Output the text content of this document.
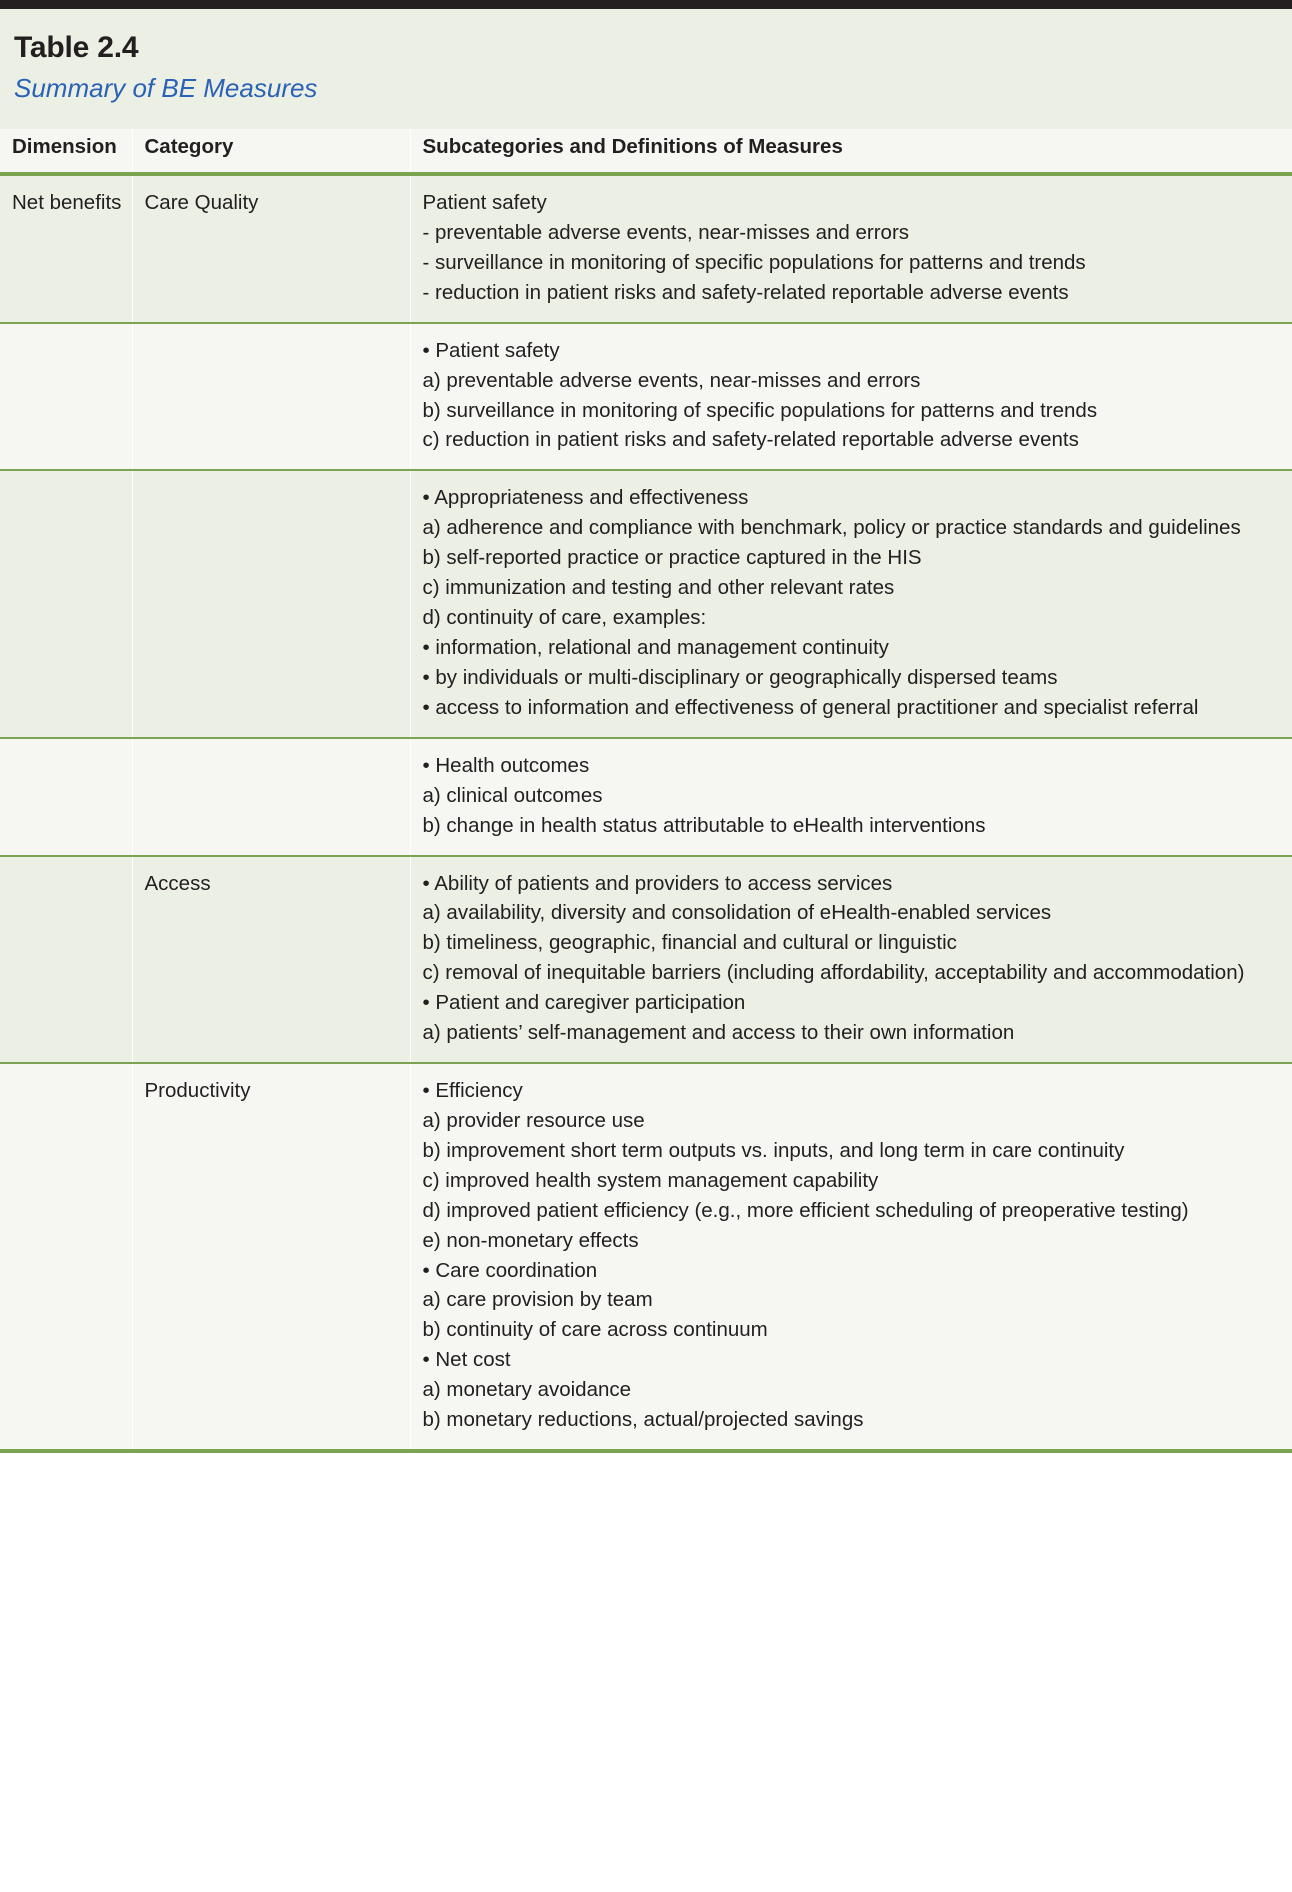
Table 2.4
Summary of BE Measures
Dimension	Category	Subcategories and Definitions of Measures
Net benefits	Care Quality	Patient safety

- preventable adverse events, near-misses and errors

- surveillance in monitoring of specific populations for patterns and trends

- reduction in patient risks and safety-related reportable adverse events

		• Patient safety

a) preventable adverse events, near-misses and errors

b) surveillance in monitoring of specific populations for patterns and trends

c) reduction in patient risks and safety-related reportable adverse events

• Appropriateness and effectiveness

a) adherence and compliance with benchmark, policy or practice standards and guidelines

b) self-reported practice or practice captured in the HIS

c) immunization and testing and other relevant rates

d) continuity of care, examples:

• information, relational and management continuity

• by individuals or multi-disciplinary or geographically dispersed teams

• access to information and effectiveness of general practitioner and specialist referral

		• Health outcomes

a) clinical outcomes

b) change in health status attributable to eHealth interventions

	Access	• Ability of patients and providers to access services

a) availability, diversity and consolidation of eHealth-enabled services

b) timeliness, geographic, financial and cultural or linguistic

c) removal of inequitable barriers (including affordability, acceptability and accommodation)

• Patient and caregiver participation

a) patients’ self-management and access to their own information

	Productivity	• Efficiency

a) provider resource use

b) improvement short term outputs vs. inputs, and long term in care continuity

c) improved health system management capability

d) improved patient efficiency (e.g., more efficient scheduling of preoperative testing)

e) non-monetary effects

• Care coordination

a) care provision by team

b) continuity of care across continuum

• Net cost

a) monetary avoidance

b) monetary reductions, actual/projected savings
